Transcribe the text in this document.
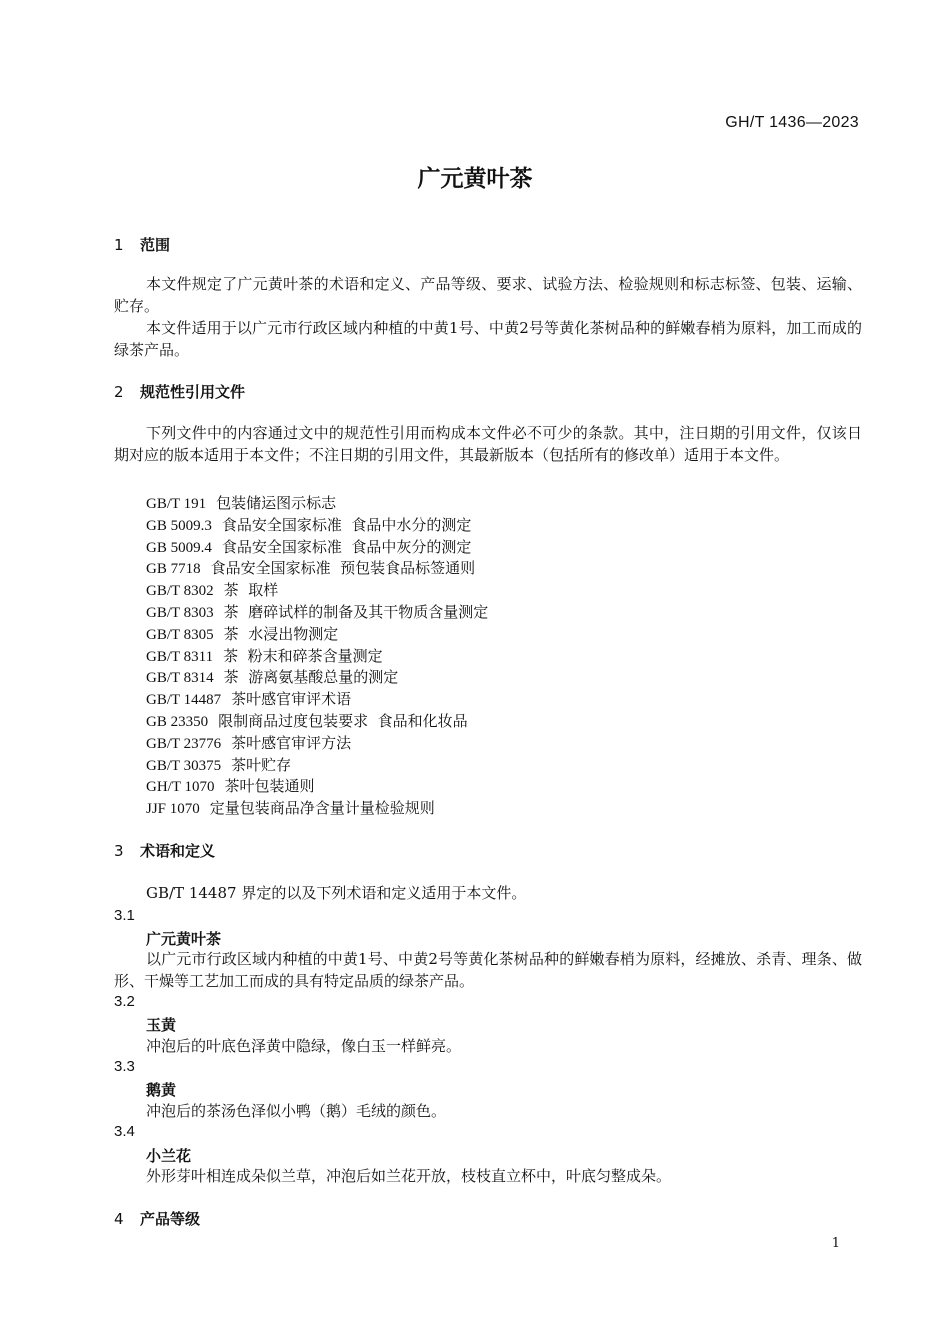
GH/T 1436—2023
广元黄叶茶
1 范围
本文件规定了广元黄叶茶的术语和定义、产品等级、要求、试验方法、检验规则和标志标签、包装、运输、贮存。
本文件适用于以广元市行政区域内种植的中黄1号、中黄2号等黄化茶树品种的鲜嫩春梢为原料，加工而成的绿茶产品。
2 规范性引用文件
下列文件中的内容通过文中的规范性引用而构成本文件必不可少的条款。其中，注日期的引用文件，仅该日期对应的版本适用于本文件；不注日期的引用文件，其最新版本（包括所有的修改单）适用于本文件。
GB/T 191 包装储运图示标志
GB 5009.3 食品安全国家标准  食品中水分的测定
GB 5009.4 食品安全国家标准  食品中灰分的测定
GB 7718 食品安全国家标准  预包装食品标签通则
GB/T 8302 茶  取样
GB/T 8303 茶  磨碎试样的制备及其干物质含量测定
GB/T 8305 茶  水浸出物测定
GB/T 8311 茶  粉末和碎茶含量测定
GB/T 8314 茶  游离氨基酸总量的测定
GB/T 14487 茶叶感官审评术语
GB 23350 限制商品过度包装要求  食品和化妆品
GB/T 23776 茶叶感官审评方法
GB/T 30375 茶叶贮存
GH/T 1070 茶叶包装通则
JJF 1070 定量包装商品净含量计量检验规则
3 术语和定义
GB/T 14487 界定的以及下列术语和定义适用于本文件。
3.1
广元黄叶茶
以广元市行政区域内种植的中黄1号、中黄2号等黄化茶树品种的鲜嫩春梢为原料，经摊放、杀青、理条、做形、干燥等工艺加工而成的具有特定品质的绿茶产品。
3.2
玉黄
冲泡后的叶底色泽黄中隐绿，像白玉一样鲜亮。
3.3
鹅黄
冲泡后的茶汤色泽似小鸭（鹅）毛绒的颜色。
3.4
小兰花
外形芽叶相连成朵似兰草，冲泡后如兰花开放，枝枝直立杯中，叶底匀整成朵。
4 产品等级
1
